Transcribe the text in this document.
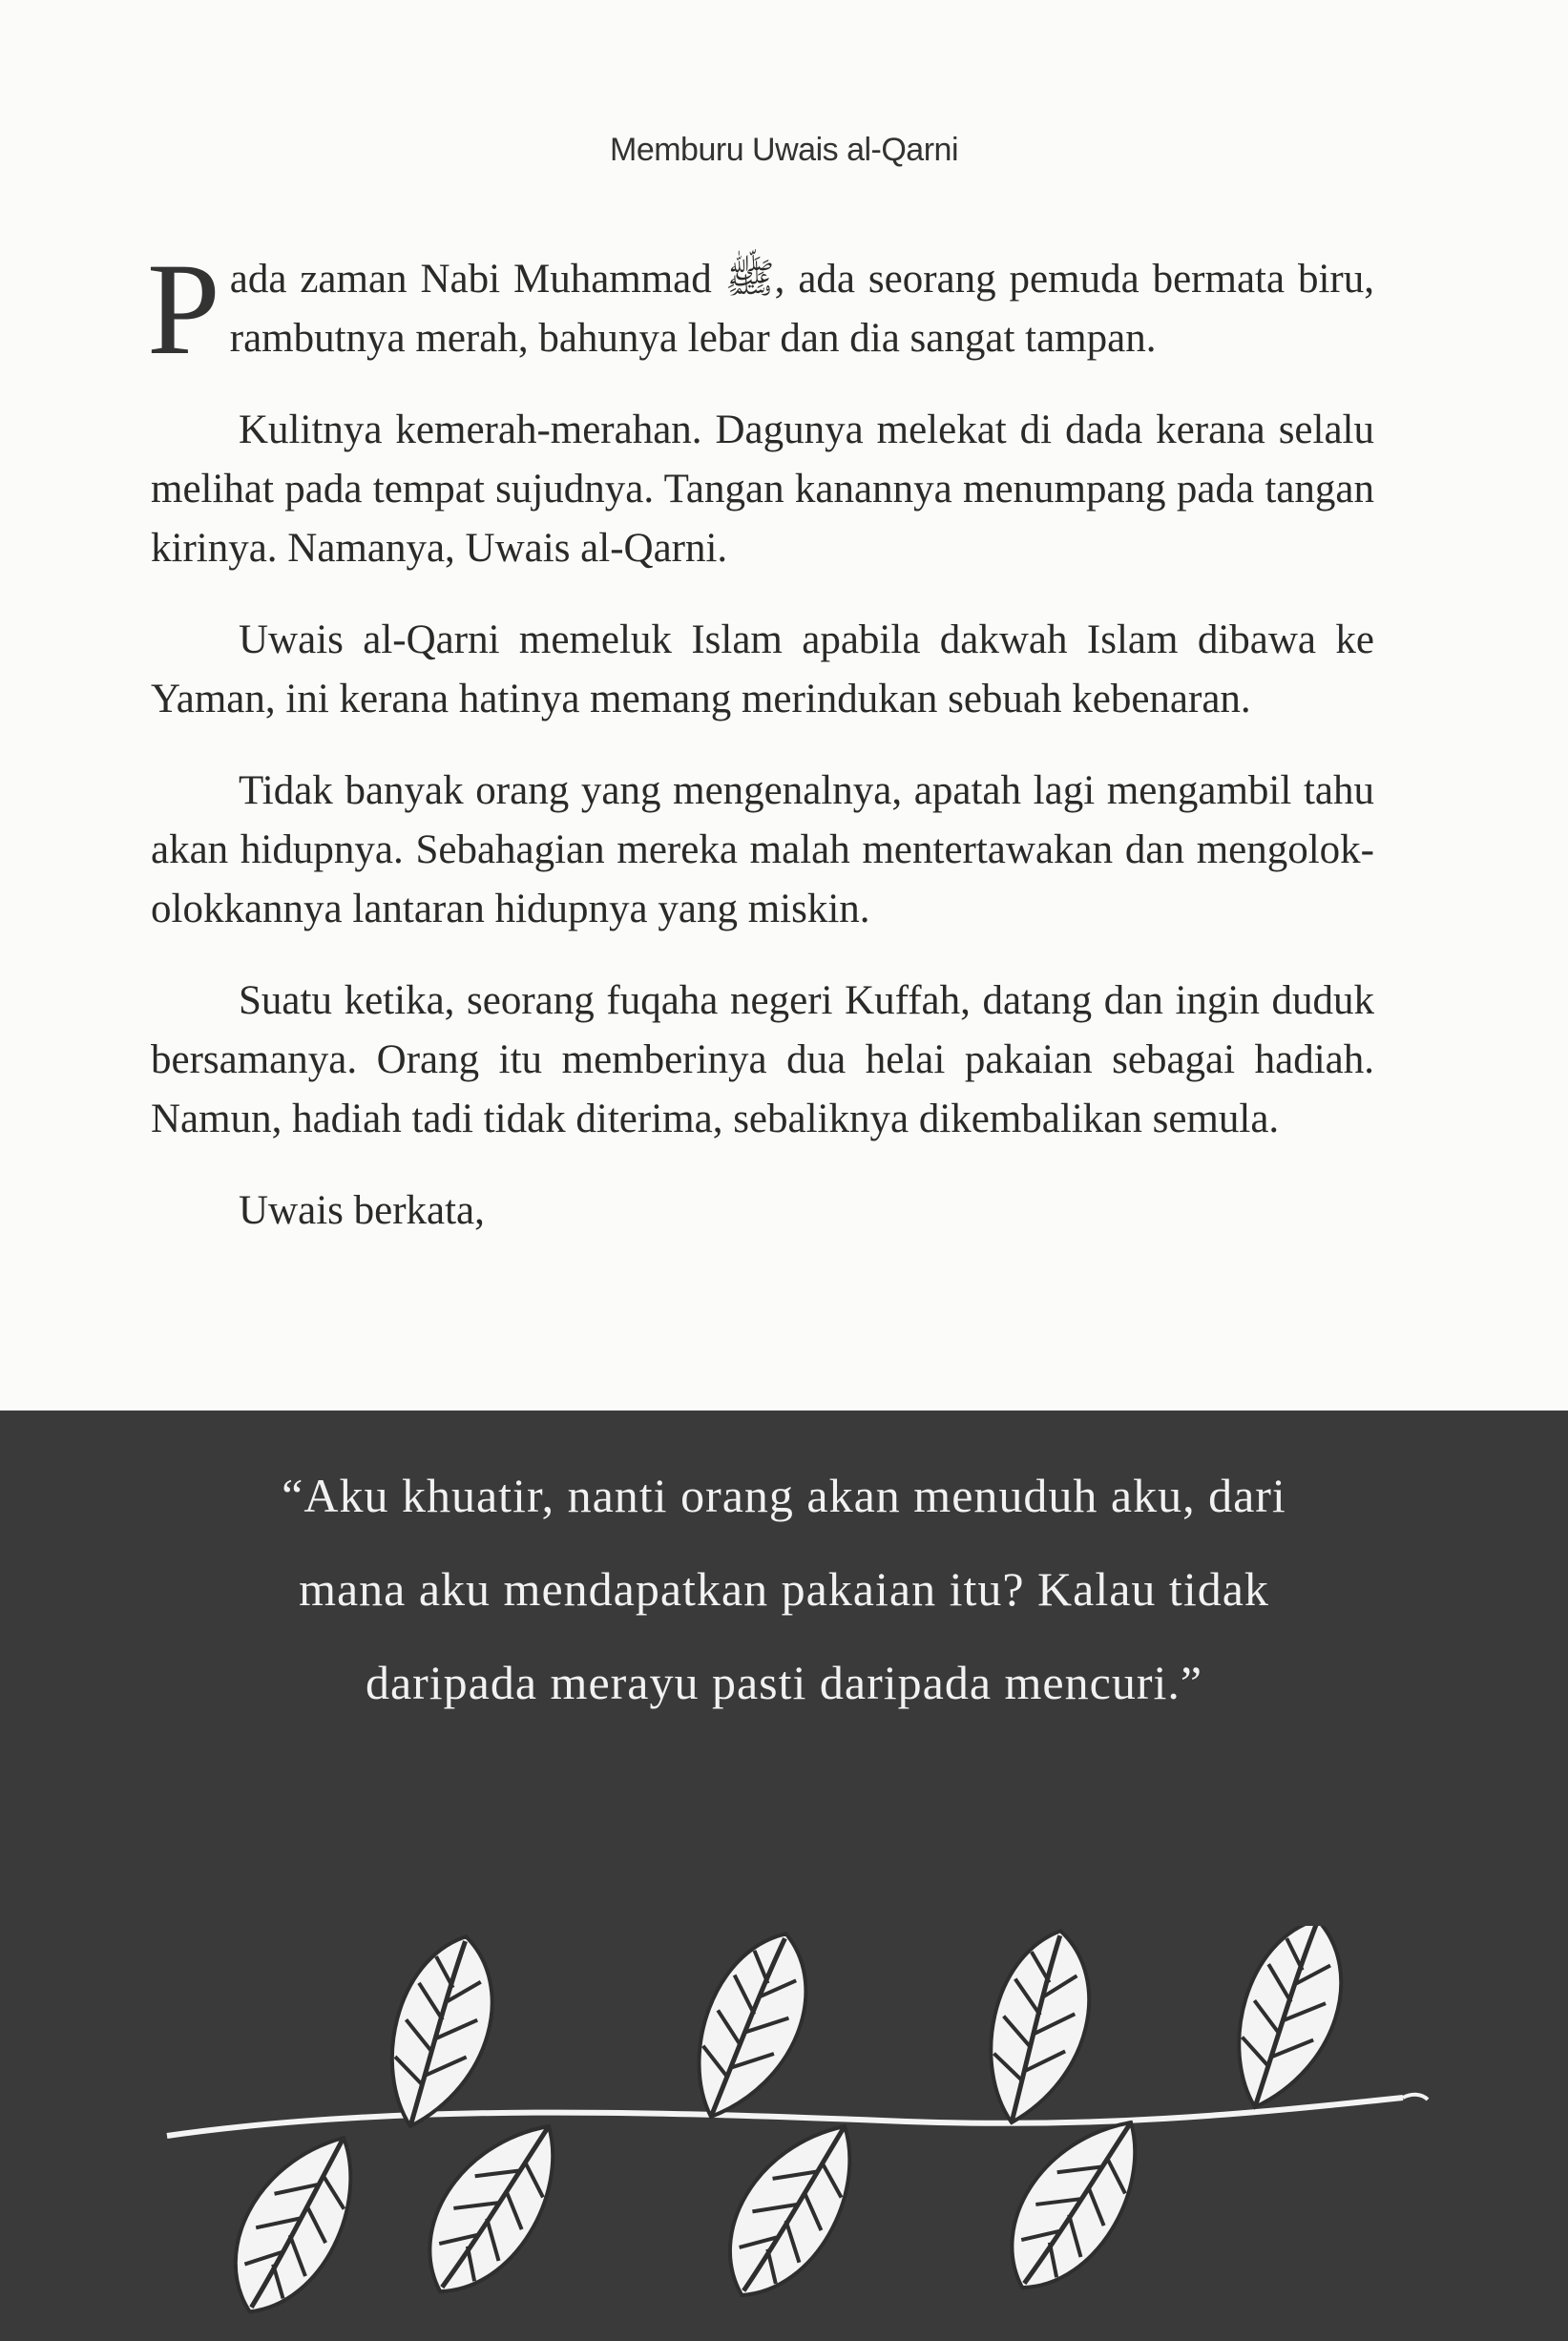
Memburu Uwais al-Qarni

Pada zaman Nabi Muhammad ﷺ, ada seorang pemuda bermata biru, rambutnya merah, bahunya lebar dan dia sangat tampan.

Kulitnya kemerah-merahan. Dagunya melekat di dada kerana selalu melihat pada tempat sujudnya. Tangan kanannya menumpang pada tangan kirinya. Namanya, Uwais al-Qarni.

Uwais al-Qarni memeluk Islam apabila dakwah Islam dibawa ke Yaman, ini kerana hatinya memang merindukan sebuah kebenaran.

Tidak banyak orang yang mengenalnya, apatah lagi mengambil tahu akan hidupnya. Sebahagian mereka malah mentertawakan dan mengolok-olokkannya lantaran hidupnya yang miskin.

Suatu ketika, seorang fuqaha negeri Kuffah, datang dan ingin duduk bersamanya. Orang itu memberinya dua helai pakaian sebagai hadiah. Namun, hadiah tadi tidak diterima, sebaliknya dikembalikan semula.

Uwais berkata,

“Aku khuatir, nanti orang akan menuduh aku, dari mana aku mendapatkan pakaian itu? Kalau tidak daripada merayu pasti daripada mencuri.”
